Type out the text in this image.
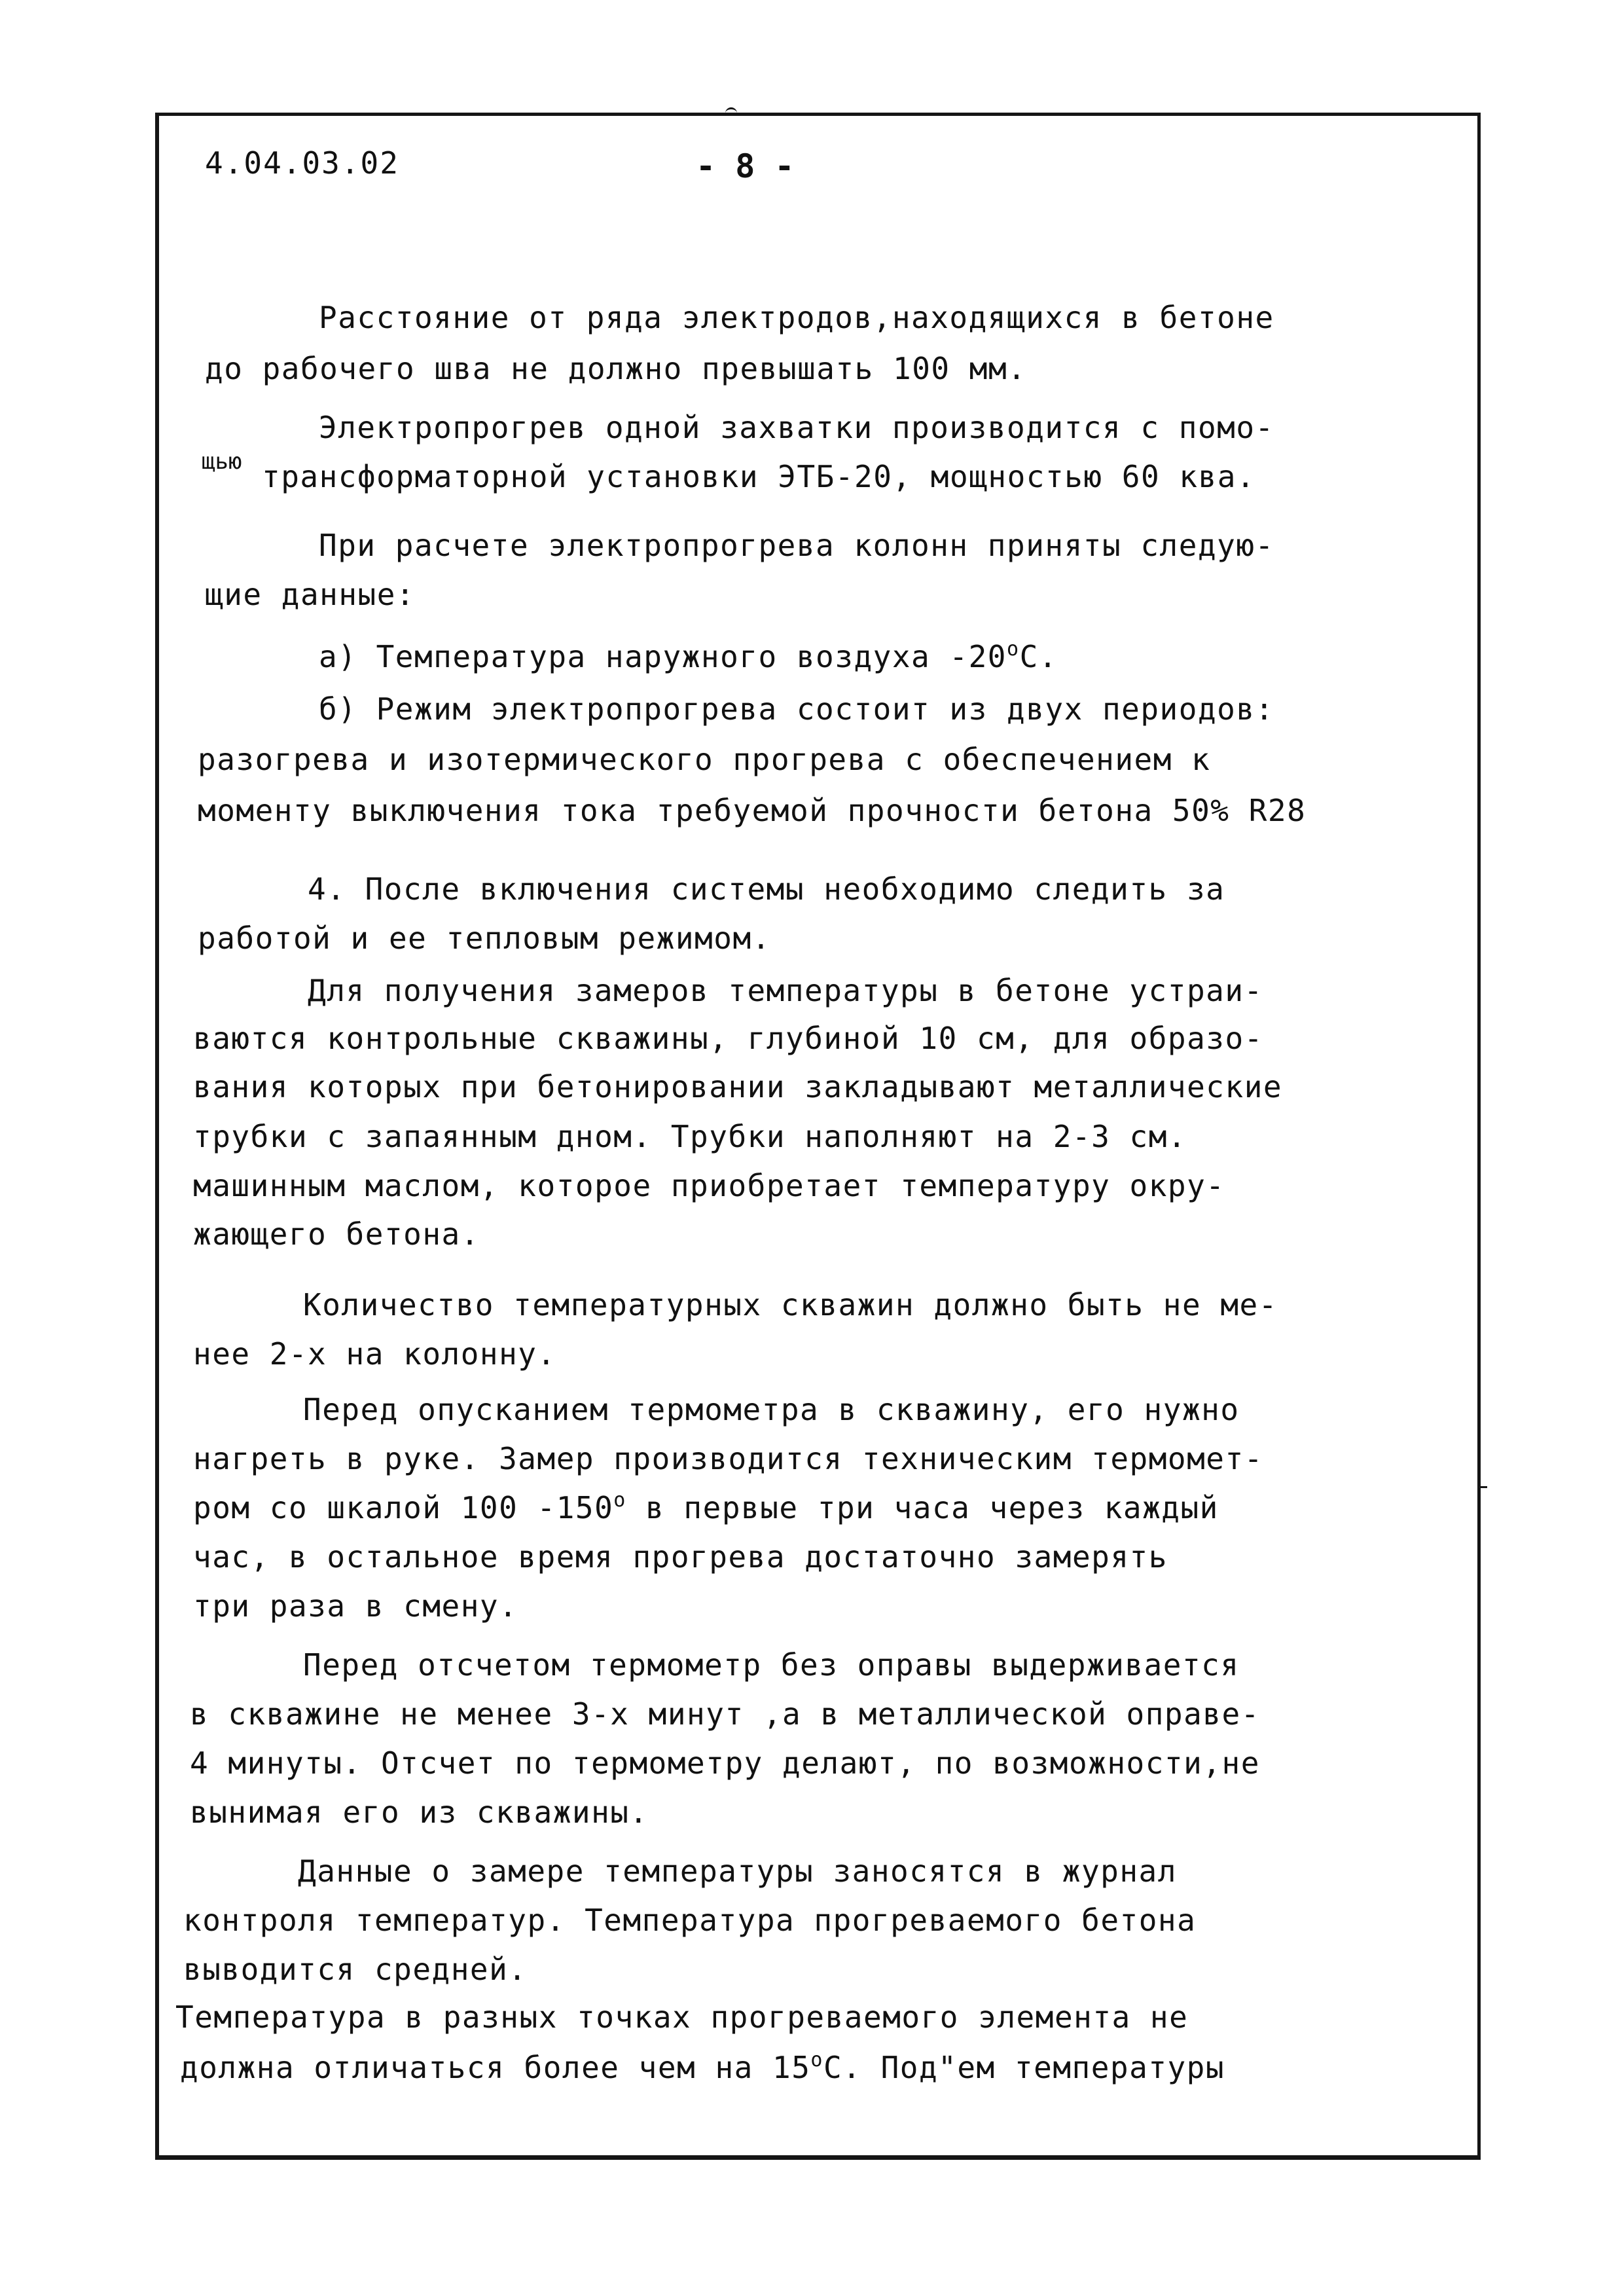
4.04.03.02	- 8 -
щью
Расстояние от ряда электродов,находящихся в бетоне
до рабочего шва не должно превышать 100 мм.
Электропрогрев одной захватки производится с помо-
трансформаторной установки ЭТБ-20, мощностью 60 ква.
При расчете электропрогрева колонн приняты следую-
щие данные:
а) Температура наружного воздуха $-20^оС$.
б) Режим электропрогрева состоит из двух периодов:
разогрева и изотермического прогрева с обеспечением к
моменту выключения тока требуемой прочности бетона 50% R28
4. После включения системы необходимо следить за
работой и ее тепловым режимом.
Для получения замеров температуры в бетоне устраи-
ваются контрольные скважины, глубиной 10 см, для образо-
вания которых при бетонировании закладывают металлические
трубки с запаянным дном. Трубки наполняют на 2-3 см.
машинным маслом, которое приобретает температуру окру-
жающего бетона.
Количество температурных скважин должно быть не ме-
нее 2-х на колонну.
Перед опусканием термометра в скважину, его нужно
нагреть в руке. Замер производится техническим термомет-
ром со шкалой 100 $-150^о$ в первые три часа через каждый
час, в остальное время прогрева достаточно замерять
три раза в смену.
Перед отсчетом термометр без оправы выдерживается
в скважине не менее 3-х минут ,а в металлической оправе-
4 минуты. Отсчет по термометру делают, по возможности,не
вынимая его из скважины.
Данные о замере температуры заносятся в журнал
контроля температур. Температура прогреваемого бетона
выводится средней.
Температура в разных точках прогреваемого элемента не
должна отличаться более чем на $15^оС$. Под"ем температуры
